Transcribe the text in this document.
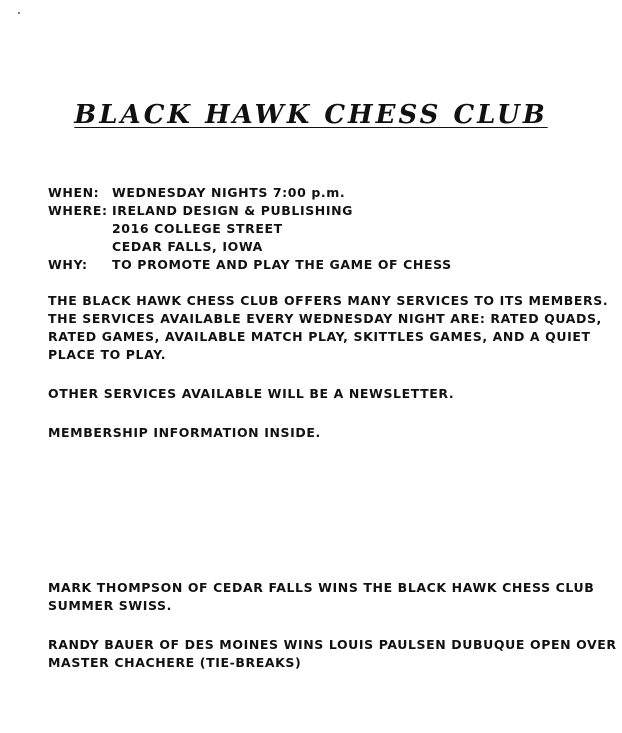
BLACK HAWK CHESS CLUB
WHEN: WEDNESDAY NIGHTS 7:00 p.m.
WHERE: IRELAND DESIGN & PUBLISHING
2016 COLLEGE STREET
CEDAR FALLS, IOWA
WHY: TO PROMOTE AND PLAY THE GAME OF CHESS
THE BLACK HAWK CHESS CLUB OFFERS MANY SERVICES TO ITS MEMBERS.
THE SERVICES AVAILABLE EVERY WEDNESDAY NIGHT ARE: RATED QUADS,
RATED GAMES, AVAILABLE MATCH PLAY, SKITTLES GAMES, AND A QUIET
PLACE TO PLAY.
OTHER SERVICES AVAILABLE WILL BE A NEWSLETTER.
MEMBERSHIP INFORMATION INSIDE.
MARK THOMPSON OF CEDAR FALLS WINS THE BLACK HAWK CHESS CLUB
SUMMER SWISS.
RANDY BAUER OF DES MOINES WINS LOUIS PAULSEN DUBUQUE OPEN OVER
MASTER CHACHERE (TIE-BREAKS)
